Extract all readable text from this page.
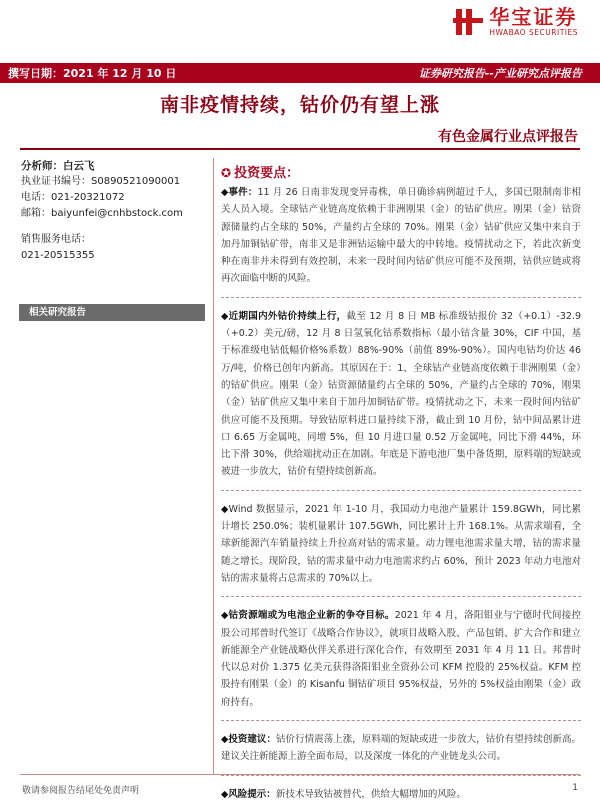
华宝证券
HWABAO SECURITIES
撰写日期：2021 年 12 月 10 日	证券研究报告--产业研究点评报告
南非疫情持续，钴价仍有望上涨
有色金属行业点评报告
分析师：白云飞
执业证书编号：S0890521090001
电话：021-20321072
邮箱：baiyunfei@cnhbstock.com
销售服务电话：
021-20515355
相关研究报告
✪ 投资要点：
◆事件：11 月 26 日南非发现变异毒株，单日确诊病例超过千人，多国已限制南非相关人员入境。全球钴产业链高度依赖于非洲刚果（金）的钴矿供应。刚果（金）钴资源储量约占全球的 50%，产量约占全球的 70%。刚果（金）钴矿供应又集中来自于加丹加铜钴矿带，南非又是非洲钴运输中最大的中转地。疫情扰动之下，若此次新变种在南非并未得到有效控制，未来一段时间内钴矿供应可能不及预期，钴供应链或将再次面临中断的风险。
◆近期国内外钴价持续上行，截至 12 月 8 日 MB 标准级钴报价 32（+0.1）-32.9（+0.2）美元/磅，12 月 8 日氢氧化钴系数指标（最小钴含量 30%，CIF 中国，基于标准级电钴低幅价格%系数）88%-90%（前值 89%-90%）。国内电钴均价达 46 万/吨，价格已创年内新高。其原因在于：1、全球钴产业链高度依赖于非洲刚果（金）的钴矿供应。刚果（金）钴资源储量约占全球的 50%，产量约占全球的 70%，刚果（金）钴矿供应又集中来自于加丹加铜钴矿带。疫情扰动之下，未来一段时间内钴矿供应可能不及预期。导致钴原料进口量持续下滑，截止到 10 月份，钴中间品累计进口 6.65 万金属吨，同增 5%，但 10 月进口量 0.52 万金属吨，同比下滑 44%，环比下滑 30%，供给端扰动正在加剧。年底是下游电池厂集中备货期，原料端的短缺或被进一步放大，钴价有望持续创新高。
◆Wind 数据显示，2021 年 1-10 月，我国动力电池产量累计 159.8GWh，同比累计增长 250.0%；装机量累计 107.5GWh，同比累计上升 168.1%。从需求端看，全球新能源汽车销量持续上升拉高对钴的需求量。动力锂电池需求量大增，钴的需求量随之增长。现阶段，钴的需求量中动力电池需求约占 60%，预计 2023 年动力电池对钴的需求量将占总需求的 70%以上。
◆钴资源端或为电池企业新的争夺目标。2021 年 4 月，洛阳钼业与宁德时代间接控股公司邦普时代签订《战略合作协议》，就项目战略入股、产品包销、扩大合作和建立新能源全产业链战略伙伴关系进行深化合作，有效期至 2031 年 4 月 11 日。邦普时代以总对价 1.375 亿美元获得洛阳钼业全资孙公司 KFM 控股的 25%权益。KFM 控股持有刚果（金）的 Kisanfu 铜钴矿项目 95%权益，另外的 5%权益由刚果（金）政府持有。
◆投资建议：钴价行情震荡上涨，原料端的短缺或进一步放大，钴价有望持续创新高。建议关注新能源上游全面布局，以及深度一体化的产业链龙头公司。
◆风险提示：新技术导致钴被替代，供给大幅增加的风险。
敬请参阅报告结尾处免责声明	1
